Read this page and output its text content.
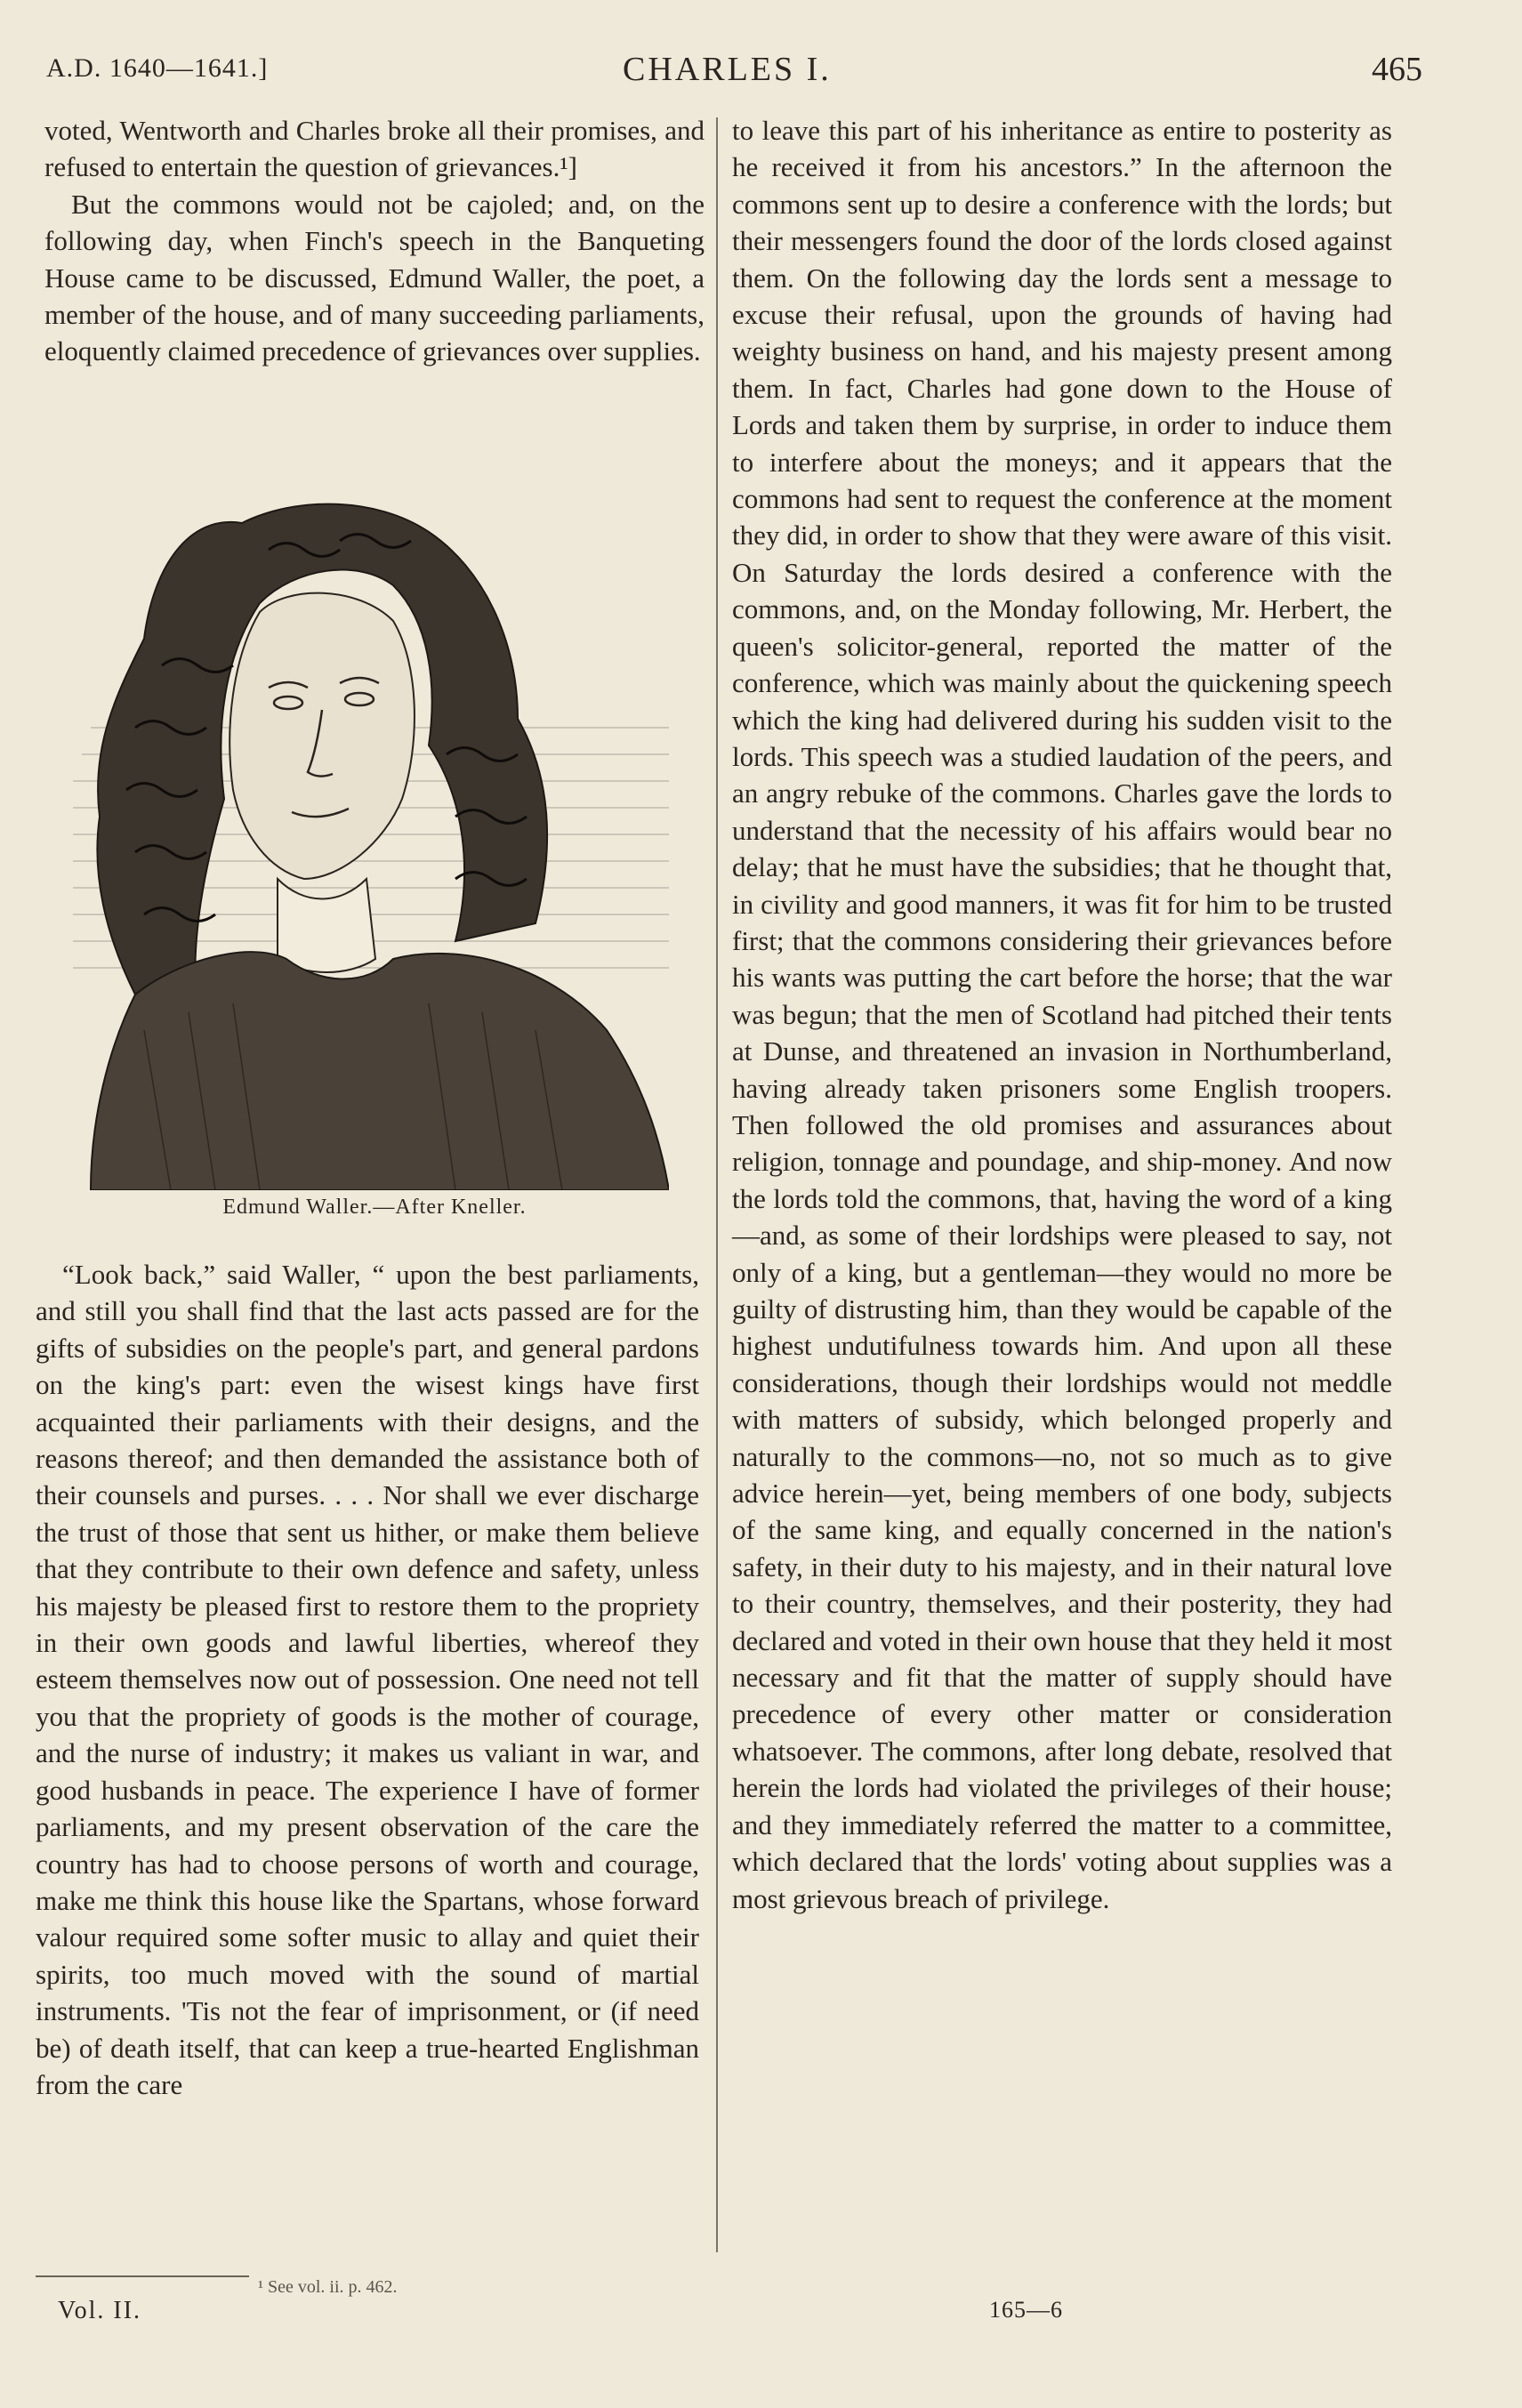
A.D. 1640—1641.]	CHARLES I.	465

voted, Wentworth and Charles broke all their promises, and refused to entertain the question of grievances.¹]

But the commons would not be cajoled; and, on the following day, when Finch's speech in the Banqueting House came to be discussed, Edmund Waller, the poet, a member of the house, and of many succeeding parliaments, eloquently claimed precedence of grievances over supplies.

Edmund Waller.—After Kneller.

“Look back,” said Waller, “ upon the best parliaments, and still you shall find that the last acts passed are for the gifts of subsidies on the people's part, and general pardons on the king's part: even the wisest kings have first acquainted their parliaments with their designs, and the reasons thereof; and then demanded the assistance both of their counsels and purses. . . . Nor shall we ever discharge the trust of those that sent us hither, or make them believe that they contribute to their own defence and safety, unless his majesty be pleased first to restore them to the propriety in their own goods and lawful liberties, whereof they esteem themselves now out of possession. One need not tell you that the propriety of goods is the mother of courage, and the nurse of industry; it makes us valiant in war, and good husbands in peace. The experience I have of former parliaments, and my present observation of the care the country has had to choose persons of worth and courage, make me think this house like the Spartans, whose forward valour required some softer music to allay and quiet their spirits, too much moved with the sound of martial instruments. 'Tis not the fear of imprisonment, or (if need be) of death itself, that can keep a true-hearted Englishman from the care

to leave this part of his inheritance as entire to posterity as he received it from his ancestors.” In the afternoon the commons sent up to desire a conference with the lords; but their messengers found the door of the lords closed against them. On the following day the lords sent a message to excuse their refusal, upon the grounds of having had weighty business on hand, and his majesty present among them. In fact, Charles had gone down to the House of Lords and taken them by surprise, in order to induce them to interfere about the moneys; and it appears that the commons had sent to request the conference at the moment they did, in order to show that they were aware of this visit. On Saturday the lords desired a conference with the commons, and, on the Monday following, Mr. Herbert, the queen's solicitor-general, reported the matter of the conference, which was mainly about the quickening speech which the king had delivered during his sudden visit to the lords. This speech was a studied laudation of the peers, and an angry rebuke of the commons. Charles gave the lords to understand that the necessity of his affairs would bear no delay; that he must have the subsidies; that he thought that, in civility and good manners, it was fit for him to be trusted first; that the commons considering their grievances before his wants was putting the cart before the horse; that the war was begun; that the men of Scotland had pitched their tents at Dunse, and threatened an invasion in Northumberland, having already taken prisoners some English troopers. Then followed the old promises and assurances about religion, tonnage and poundage, and ship-money. And now the lords told the commons, that, having the word of a king—and, as some of their lordships were pleased to say, not only of a king, but a gentleman—they would no more be guilty of distrusting him, than they would be capable of the highest undutifulness towards him. And upon all these considerations, though their lordships would not meddle with matters of subsidy, which belonged properly and naturally to the commons—no, not so much as to give advice herein—yet, being members of one body, subjects of the same king, and equally concerned in the nation's safety, in their duty to his majesty, and in their natural love to their country, themselves, and their posterity, they had declared and voted in their own house that they held it most necessary and fit that the matter of supply should have precedence of every other matter or consideration whatsoever. The commons, after long debate, resolved that herein the lords had violated the privileges of their house; and they immediately referred the matter to a committee, which declared that the lords' voting about supplies was a most grievous breach of privilege.

¹ See vol. ii. p. 462.
Vol. II.	165—6
